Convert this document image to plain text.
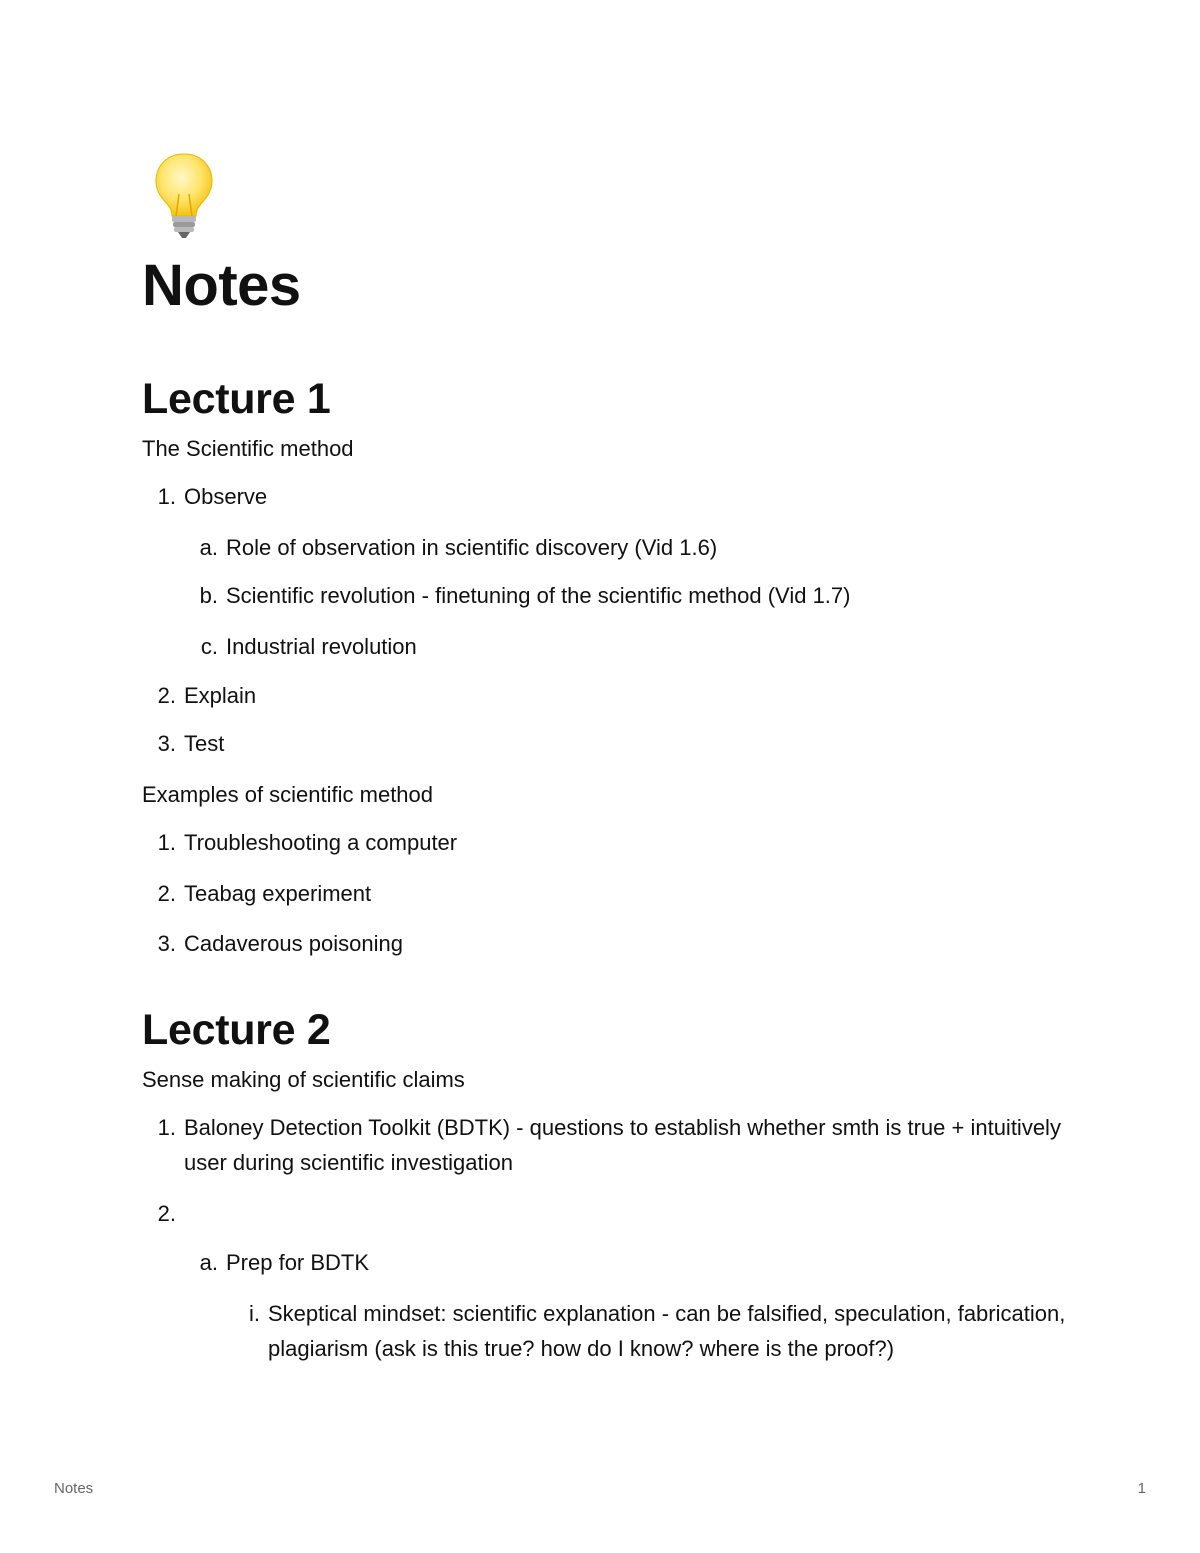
Notes
Lecture 1

The Scientific method

1. Observe
a. Role of observation in scientific discovery (Vid 1.6)
b. Scientific revolution - finetuning of the scientific method (Vid 1.7)
c. Industrial revolution
2. Explain
3. Test

Examples of scientific method

1. Troubleshooting a computer
2. Teabag experiment
3. Cadaverous poisoning
Lecture 2

Sense making of scientific claims

1. Baloney Detection Toolkit (BDTK) - questions to establish whether smth is true + intuitively user during scientific investigation
2.
a. Prep for BDTK
i. Skeptical mindset: scientific explanation - can be falsified, speculation, fabrication, plagiarism (ask is this true? how do I know? where is the proof?)
Notes	1
